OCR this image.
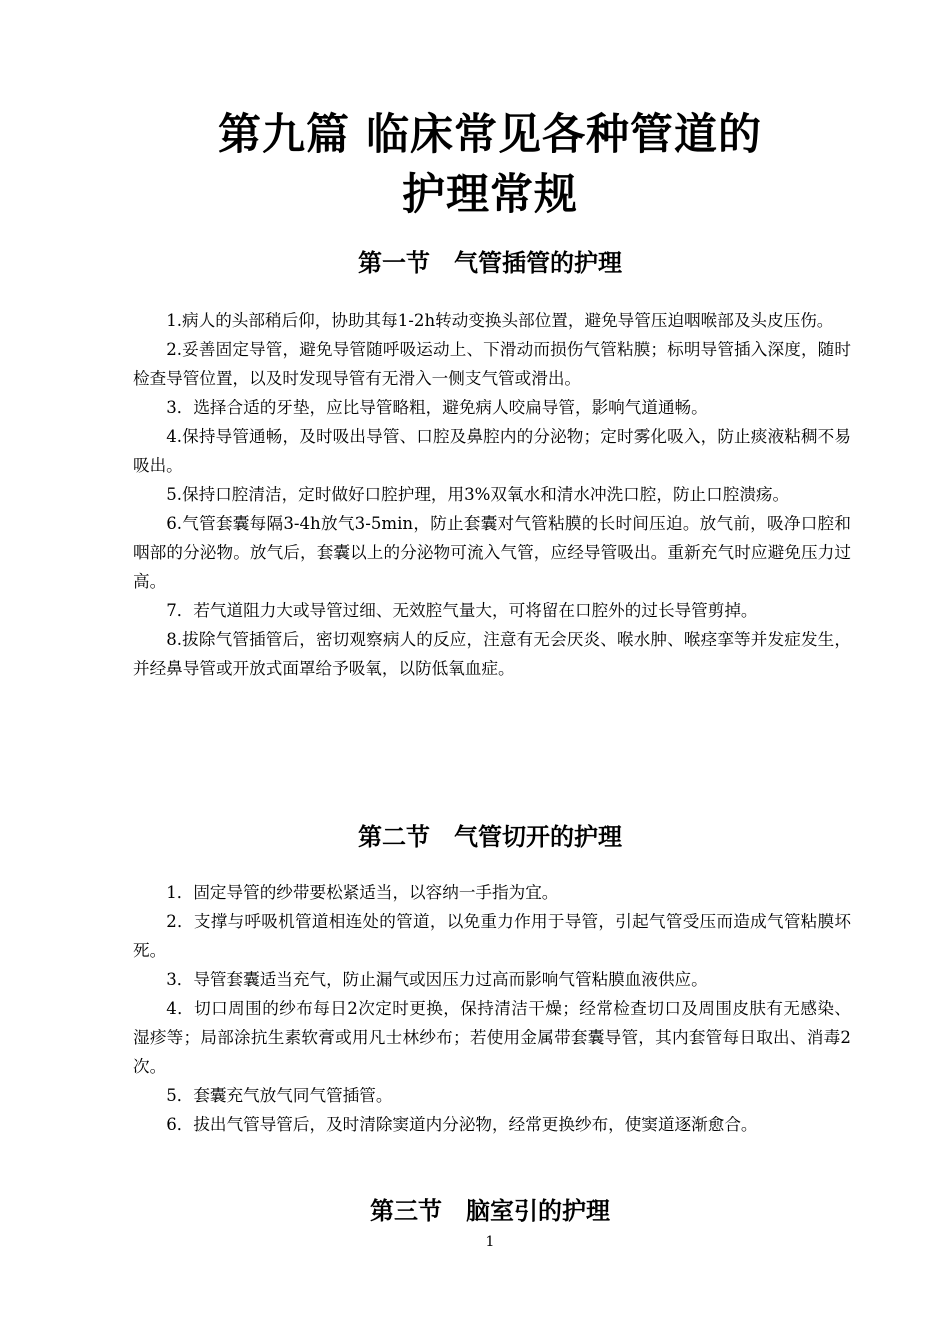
第九篇 临床常见各种管道的
护理常规
第一节　气管插管的护理

1.病人的头部稍后仰，协助其每1-2h转动变换头部位置，避免导管压迫咽喉部及头皮压伤。

2.妥善固定导管，避免导管随呼吸运动上、下滑动而损伤气管粘膜；标明导管插入深度，随时检查导管位置，以及时发现导管有无滑入一侧支气管或滑出。

3．选择合适的牙垫，应比导管略粗，避免病人咬扁导管，影响气道通畅。

4.保持导管通畅，及时吸出导管、口腔及鼻腔内的分泌物；定时雾化吸入，防止痰液粘稠不易吸出。

5.保持口腔清洁，定时做好口腔护理，用3%双氧水和清水冲洗口腔，防止口腔溃疡。

6.气管套囊每隔3-4h放气3-5min，防止套囊对气管粘膜的长时间压迫。放气前，吸净口腔和咽部的分泌物。放气后，套囊以上的分泌物可流入气管，应经导管吸出。重新充气时应避免压力过高。

7．若气道阻力大或导管过细、无效腔气量大，可将留在口腔外的过长导管剪掉。

8.拔除气管插管后，密切观察病人的反应，注意有无会厌炎、喉水肿、喉痉挛等并发症发生，并经鼻导管或开放式面罩给予吸氧，以防低氧血症。

第二节　气管切开的护理

1．固定导管的纱带要松紧适当，以容纳一手指为宜。

2．支撑与呼吸机管道相连处的管道，以免重力作用于导管，引起气管受压而造成气管粘膜坏死。

3．导管套囊适当充气，防止漏气或因压力过高而影响气管粘膜血液供应。

4．切口周围的纱布每日2次定时更换，保持清洁干燥；经常检查切口及周围皮肤有无感染、湿疹等；局部涂抗生素软膏或用凡士林纱布；若使用金属带套囊导管，其内套管每日取出、消毒2次。

5．套囊充气放气同气管插管。

6．拔出气管导管后，及时清除窦道内分泌物，经常更换纱布，使窦道逐渐愈合。

第三节　脑室引的护理
1
